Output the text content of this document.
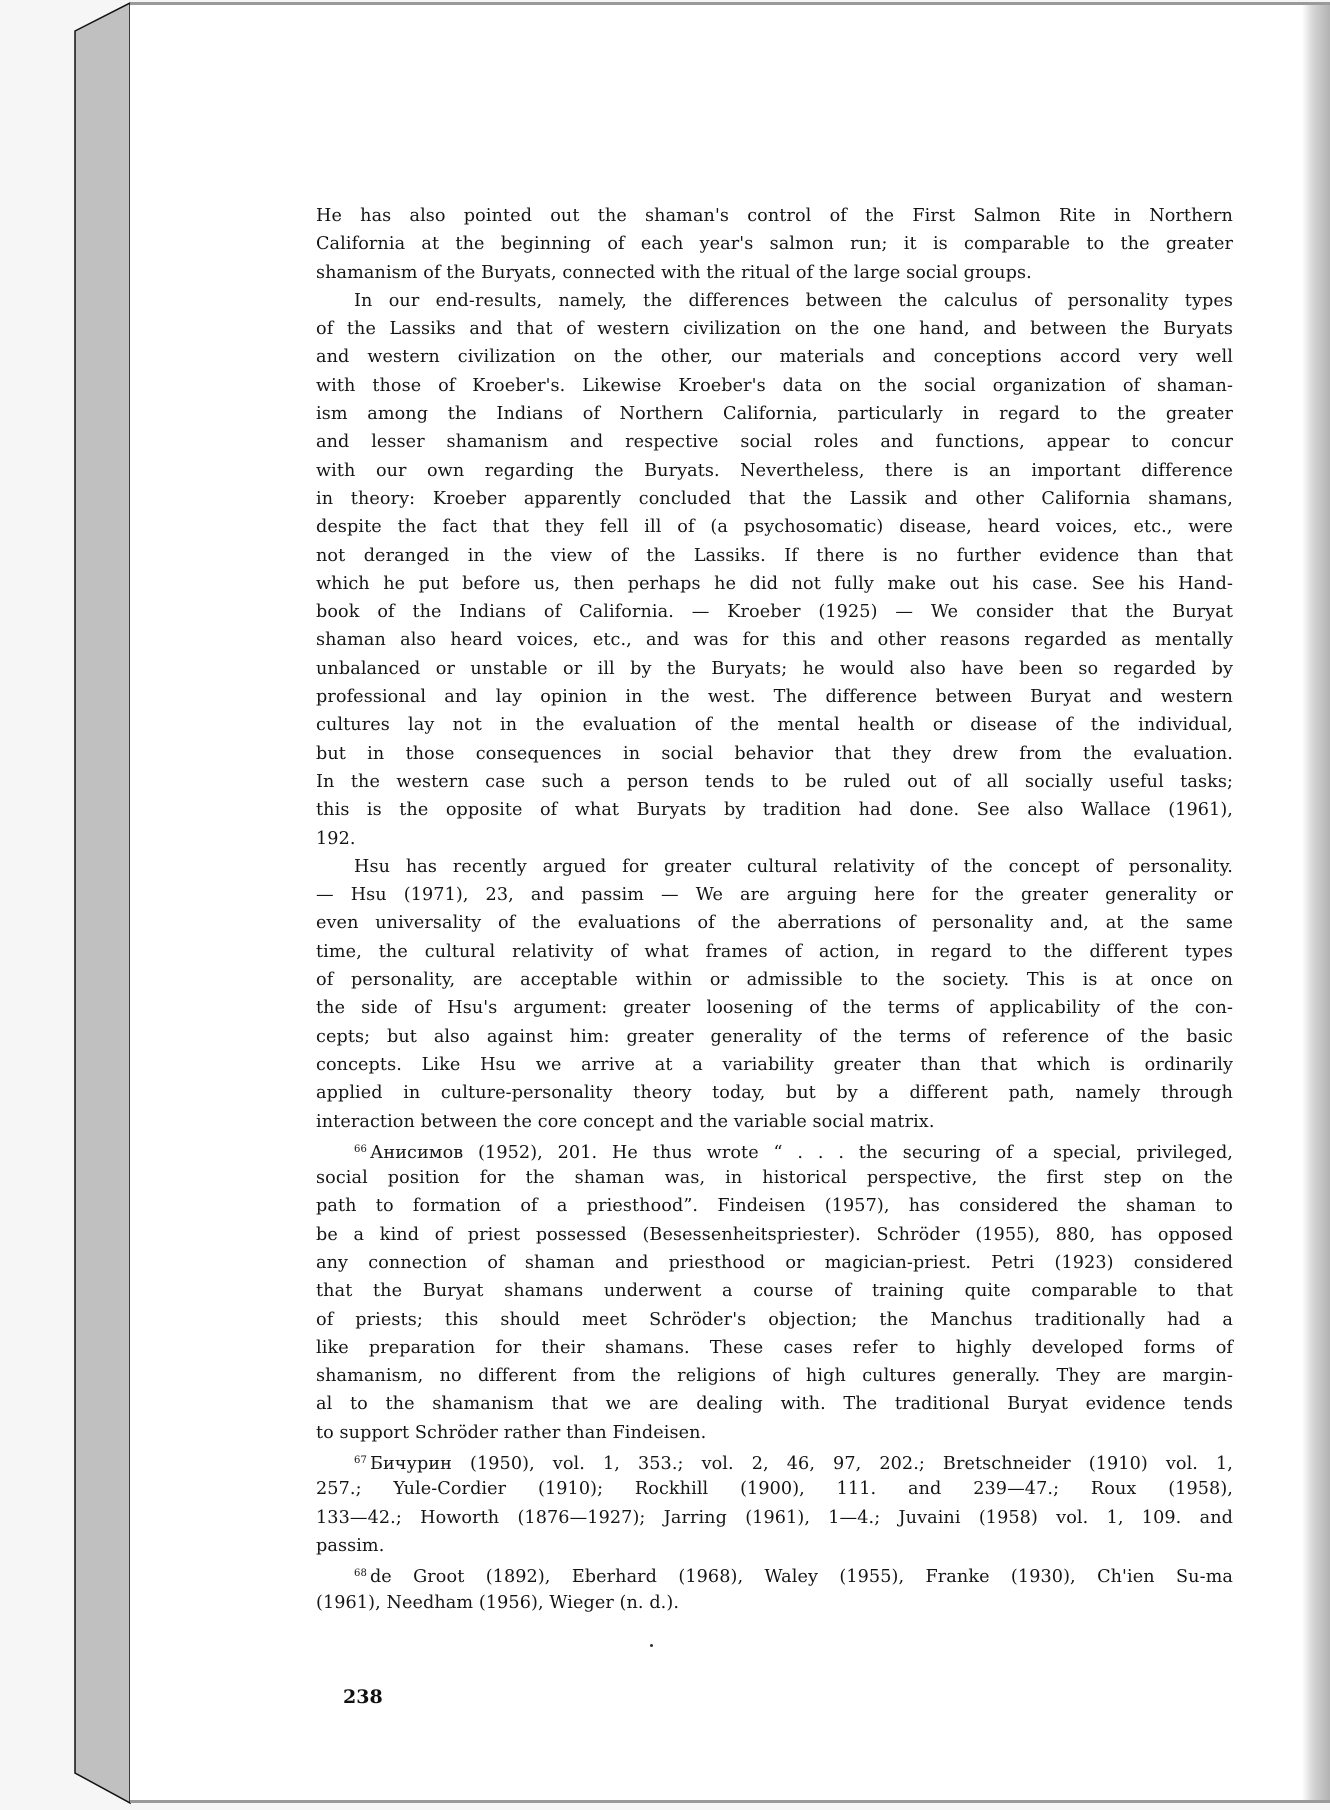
He has also pointed out the shaman's control of the First Salmon Rite in Northern
California at the beginning of each year's salmon run; it is comparable to the greater
shamanism of the Buryats, connected with the ritual of the large social groups.
In our end-results, namely, the differences between the calculus of personality types
of the Lassiks and that of western civilization on the one hand, and between the Buryats
and western civilization on the other, our materials and conceptions accord very well
with those of Kroeber's. Likewise Kroeber's data on the social organization of shaman-
ism among the Indians of Northern California, particularly in regard to the greater
and lesser shamanism and respective social roles and functions, appear to concur
with our own regarding the Buryats. Nevertheless, there is an important difference
in theory: Kroeber apparently concluded that the Lassik and other California shamans,
despite the fact that they fell ill of (a psychosomatic) disease, heard voices, etc., were
not deranged in the view of the Lassiks. If there is no further evidence than that
which he put before us, then perhaps he did not fully make out his case. See his Hand-
book of the Indians of California. — Kroeber (1925) — We consider that the Buryat
shaman also heard voices, etc., and was for this and other reasons regarded as mentally
unbalanced or unstable or ill by the Buryats; he would also have been so regarded by
professional and lay opinion in the west. The difference between Buryat and western
cultures lay not in the evaluation of the mental health or disease of the individual,
but in those consequences in social behavior that they drew from the evaluation.
In the western case such a person tends to be ruled out of all socially useful tasks;
this is the opposite of what Buryats by tradition had done. See also Wallace (1961),
192.
Hsu has recently argued for greater cultural relativity of the concept of personality.
— Hsu (1971), 23, and passim — We are arguing here for the greater generality or
even universality of the evaluations of the aberrations of personality and, at the same
time, the cultural relativity of what frames of action, in regard to the different types
of personality, are acceptable within or admissible to the society. This is at once on
the side of Hsu's argument: greater loosening of the terms of applicability of the con-
cepts; but also against him: greater generality of the terms of reference of the basic
concepts. Like Hsu we arrive at a variability greater than that which is ordinarily
applied in culture-personality theory today, but by a different path, namely through
interaction between the core concept and the variable social matrix.
$^{66}$ Анисимов (1952), 201. He thus wrote “ . . . the securing of a special, privileged,
social position for the shaman was, in historical perspective, the first step on the
path to formation of a priesthood”. Findeisen (1957), has considered the shaman to
be a kind of priest possessed (Besessenheitspriester). Schröder (1955), 880, has opposed
any connection of shaman and priesthood or magician-priest. Petri (1923) considered
that the Buryat shamans underwent a course of training quite comparable to that
of priests; this should meet Schröder's objection; the Manchus traditionally had a
like preparation for their shamans. These cases refer to highly developed forms of
shamanism, no different from the religions of high cultures generally. They are margin-
al to the shamanism that we are dealing with. The traditional Buryat evidence tends
to support Schröder rather than Findeisen.
$^{67}$ Бичурин (1950), vol. 1, 353.; vol. 2, 46, 97, 202.; Bretschneider (1910) vol. 1,
257.; Yule-Cordier (1910); Rockhill (1900), 111. and 239—47.; Roux (1958),
133—42.; Howorth (1876—1927); Jarring (1961), 1—4.; Juvaini (1958) vol. 1, 109. and
passim.
$^{68}$ de Groot (1892), Eberhard (1968), Waley (1955), Franke (1930), Ch'ien Su-ma
(1961), Needham (1956), Wieger (n. d.).
238
